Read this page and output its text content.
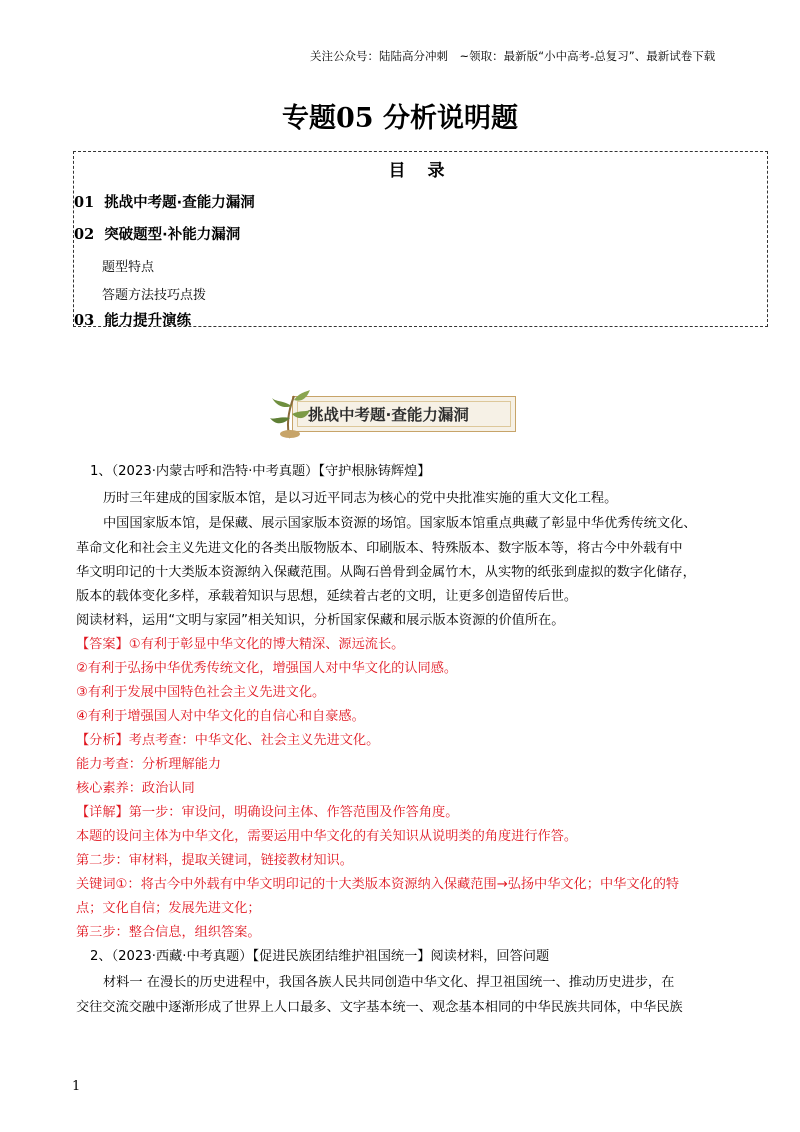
关注公众号：陆陆高分冲刺　~领取：最新版“小中高考-总复习”、最新试卷下载
专题05 分析说明题
目 录
01 挑战中考题·查能力漏洞
02 突破题型·补能力漏洞
题型特点
答题方法技巧点拨
03 能力提升演练
挑战中考题·查能力漏洞
1、（2023·内蒙古呼和浩特·中考真题）【守护根脉铸辉煌】
历时三年建成的国家版本馆，是以习近平同志为核心的党中央批准实施的重大文化工程。
中国国家版本馆，是保藏、展示国家版本资源的场馆。国家版本馆重点典藏了彰显中华优秀传统文化、
革命文化和社会主义先进文化的各类出版物版本、印刷版本、特殊版本、数字版本等，将古今中外载有中
华文明印记的十大类版本资源纳入保藏范围。从陶石兽骨到金属竹木，从实物的纸张到虚拟的数字化储存，
版本的载体变化多样，承载着知识与思想，延续着古老的文明，让更多创造留传后世。
阅读材料，运用“文明与家园”相关知识，分析国家保藏和展示版本资源的价值所在。
【答案】①有利于彰显中华文化的博大精深、源远流长。
②有利于弘扬中华优秀传统文化，增强国人对中华文化的认同感。
③有利于发展中国特色社会主义先进文化。
④有利于增强国人对中华文化的自信心和自豪感。
【分析】考点考查：中华文化、社会主义先进文化。
能力考查：分析理解能力
核心素养：政治认同
【详解】第一步：审设问，明确设问主体、作答范围及作答角度。
本题的设问主体为中华文化，需要运用中华文化的有关知识从说明类的角度进行作答。
第二步：审材料，提取关键词，链接教材知识。
关键词①：将古今中外载有中华文明印记的十大类版本资源纳入保藏范围→弘扬中华文化；中华文化的特
点；文化自信；发展先进文化；
第三步：整合信息，组织答案。
2、（2023·西藏·中考真题）【促进民族团结维护祖国统一】阅读材料，回答问题
材料一 在漫长的历史进程中，我国各族人民共同创造中华文化、捍卫祖国统一、推动历史进步，在
交往交流交融中逐渐形成了世界上人口最多、文字基本统一、观念基本相同的中华民族共同体，中华民族
1
